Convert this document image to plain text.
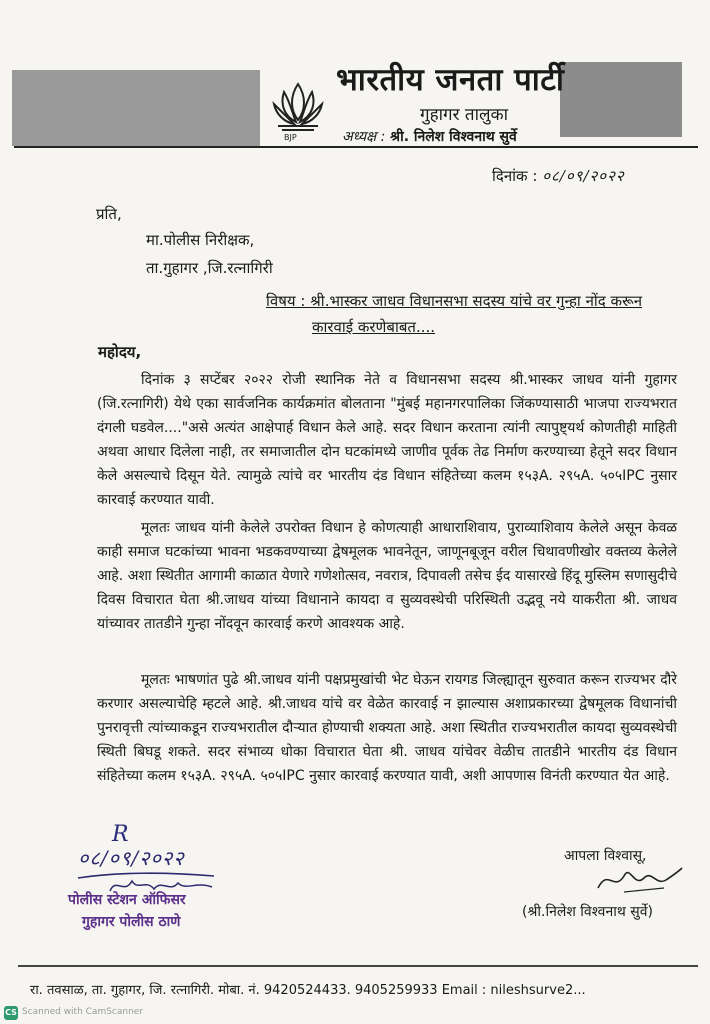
BJP
भारतीय जनता पार्टी
गुहागर तालुका
अध्यक्ष : श्री. निलेश विश्वनाथ सुर्वे
दिनांक : ०८/०९/२०२२
प्रति,
मा.पोलीस निरीक्षक,
ता.गुहागर ,जि.रत्नागिरी
विषय : श्री.भास्कर जाधव विधानसभा सदस्य यांचे वर गुन्हा नोंद करून
कारवाई करणेबाबत....
महोदय,
दिनांक ३ सप्टेंबर २०२२ रोजी स्थानिक नेते व विधानसभा सदस्य श्री.भास्कर जाधव यांनी गुहागर (जि.रत्नागिरी) येथे एका सार्वजनिक कार्यक्रमांत बोलताना "मुंबई महानगरपालिका जिंकण्यासाठी भाजपा राज्यभरात दंगली घडवेल...."असे अत्यंत आक्षेपार्ह विधान केले आहे. सदर विधान करताना त्यांनी त्यापुष्ट्यर्थ कोणतीही माहिती अथवा आधार दिलेला नाही, तर समाजातील दोन घटकांमध्ये जाणीव पूर्वक तेढ निर्माण करण्याच्या हेतूने सदर विधान केले असल्याचे दिसून येते. त्यामुळे त्यांचे वर भारतीय दंड विधान संहितेच्या कलम १५३A. २९५A. ५०५IPC नुसार कारवाई करण्यात यावी.
मूलतः जाधव यांनी केलेले उपरोक्त विधान हे कोणत्याही आधाराशिवाय, पुराव्याशिवाय केलेले असून केवळ काही समाज घटकांच्या भावना भडकवण्याच्या द्वेषमूलक भावनेतून, जाणूनबूजून वरील चिथावणीखोर वक्तव्य केलेले आहे. अशा स्थितीत आगामी काळात येणारे गणेशोत्सव, नवरात्र, दिपावली तसेच ईद यासारखे हिंदू मुस्लिम सणासुदीचे दिवस विचारात घेता श्री.जाधव यांच्या विधानाने कायदा व सुव्यवस्थेची परिस्थिती उद्भवू नये याकरीता श्री. जाधव यांच्यावर तातडीने गुन्हा नोंदवून कारवाई करणे आवश्यक आहे.
मूलतः भाषणांत पुढे श्री.जाधव यांनी पक्षप्रमुखांची भेट घेऊन रायगड जिल्ह्यातून सुरुवात करून राज्यभर दौरे करणार असल्याचेहि म्हटले आहे. श्री.जाधव यांचे वर वेळेत कारवाई न झाल्यास अशाप्रकारच्या द्वेषमूलक विधानांची पुनरावृत्ती त्यांच्याकडून राज्यभरातील दौऱ्यात होण्याची शक्यता आहे. अशा स्थितीत राज्यभरातील कायदा सुव्यवस्थेची स्थिती बिघडू शकते. सदर संभाव्य धोका विचारात घेता श्री. जाधव यांचेवर वेळीच तातडीने भारतीय दंड विधान संहितेच्या कलम १५३A. २९५A. ५०५IPC नुसार कारवाई करण्यात यावी, अशी आपणास विनंती करण्यात येत आहे.
R
०८/०९/२०२२
पोलीस स्टेशन ऑफिसर
गुहागर पोलीस ठाणे
आपला विश्वासू,
(श्री.निलेश विश्वनाथ सुर्वे)
रा. तवसाळ, ता. गुहागर, जि. रत्नागिरी. मोबा. नं. 9420524433. 9405259933 Email : nileshsurve2...
CS Scanned with CamScanner
